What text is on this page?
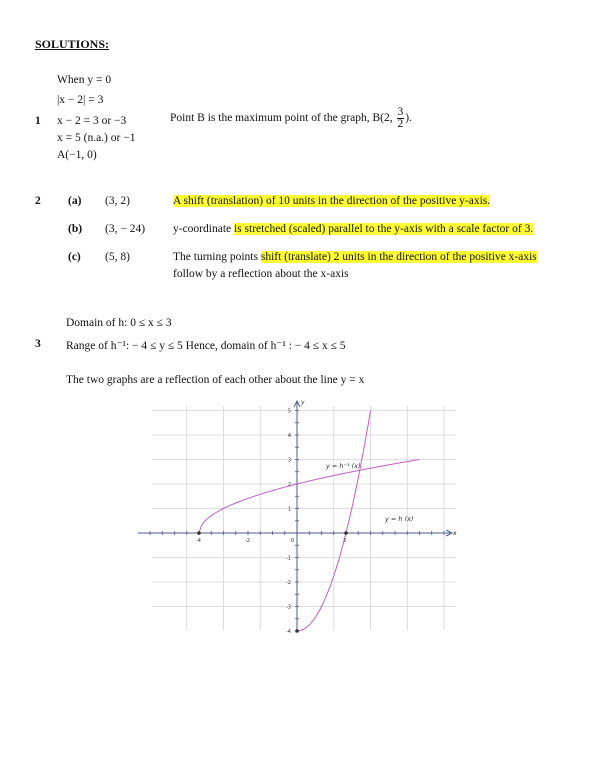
SOLUTIONS:
1
When y = 0
|x − 2| = 3
x − 2 = 3 or −3
x = 5 (n.a.) or −1
A(−1, 0)
Point B is the maximum point of the graph, B(2, $\frac{3}{2}$ ).
2 (a) (3, 2)	A shift (translation) of 10 units in the direction of the positive y-axis.
(b) (3, − 24) y-coordinate is stretched (scaled) parallel to the y-axis with a scale factor of 3.
(c) (5, 8)	The turning points shift (translate) 2 units in the direction of the positive x-axis
follow by a reflection about the x-axis
Domain of h: 0 ≤ x ≤ 3
3 Range of h⁻¹: − 4 ≤ y ≤ 5 Hence, domain of h⁻¹ : − 4 ≤ x ≤ 5
The two graphs are a reflection of each other about the line y = x
-4	-2	0	2
-4
-3
-2
-1
1
2
3
4
5
x
y
y = h⁻¹ (x)
y = h (x)
